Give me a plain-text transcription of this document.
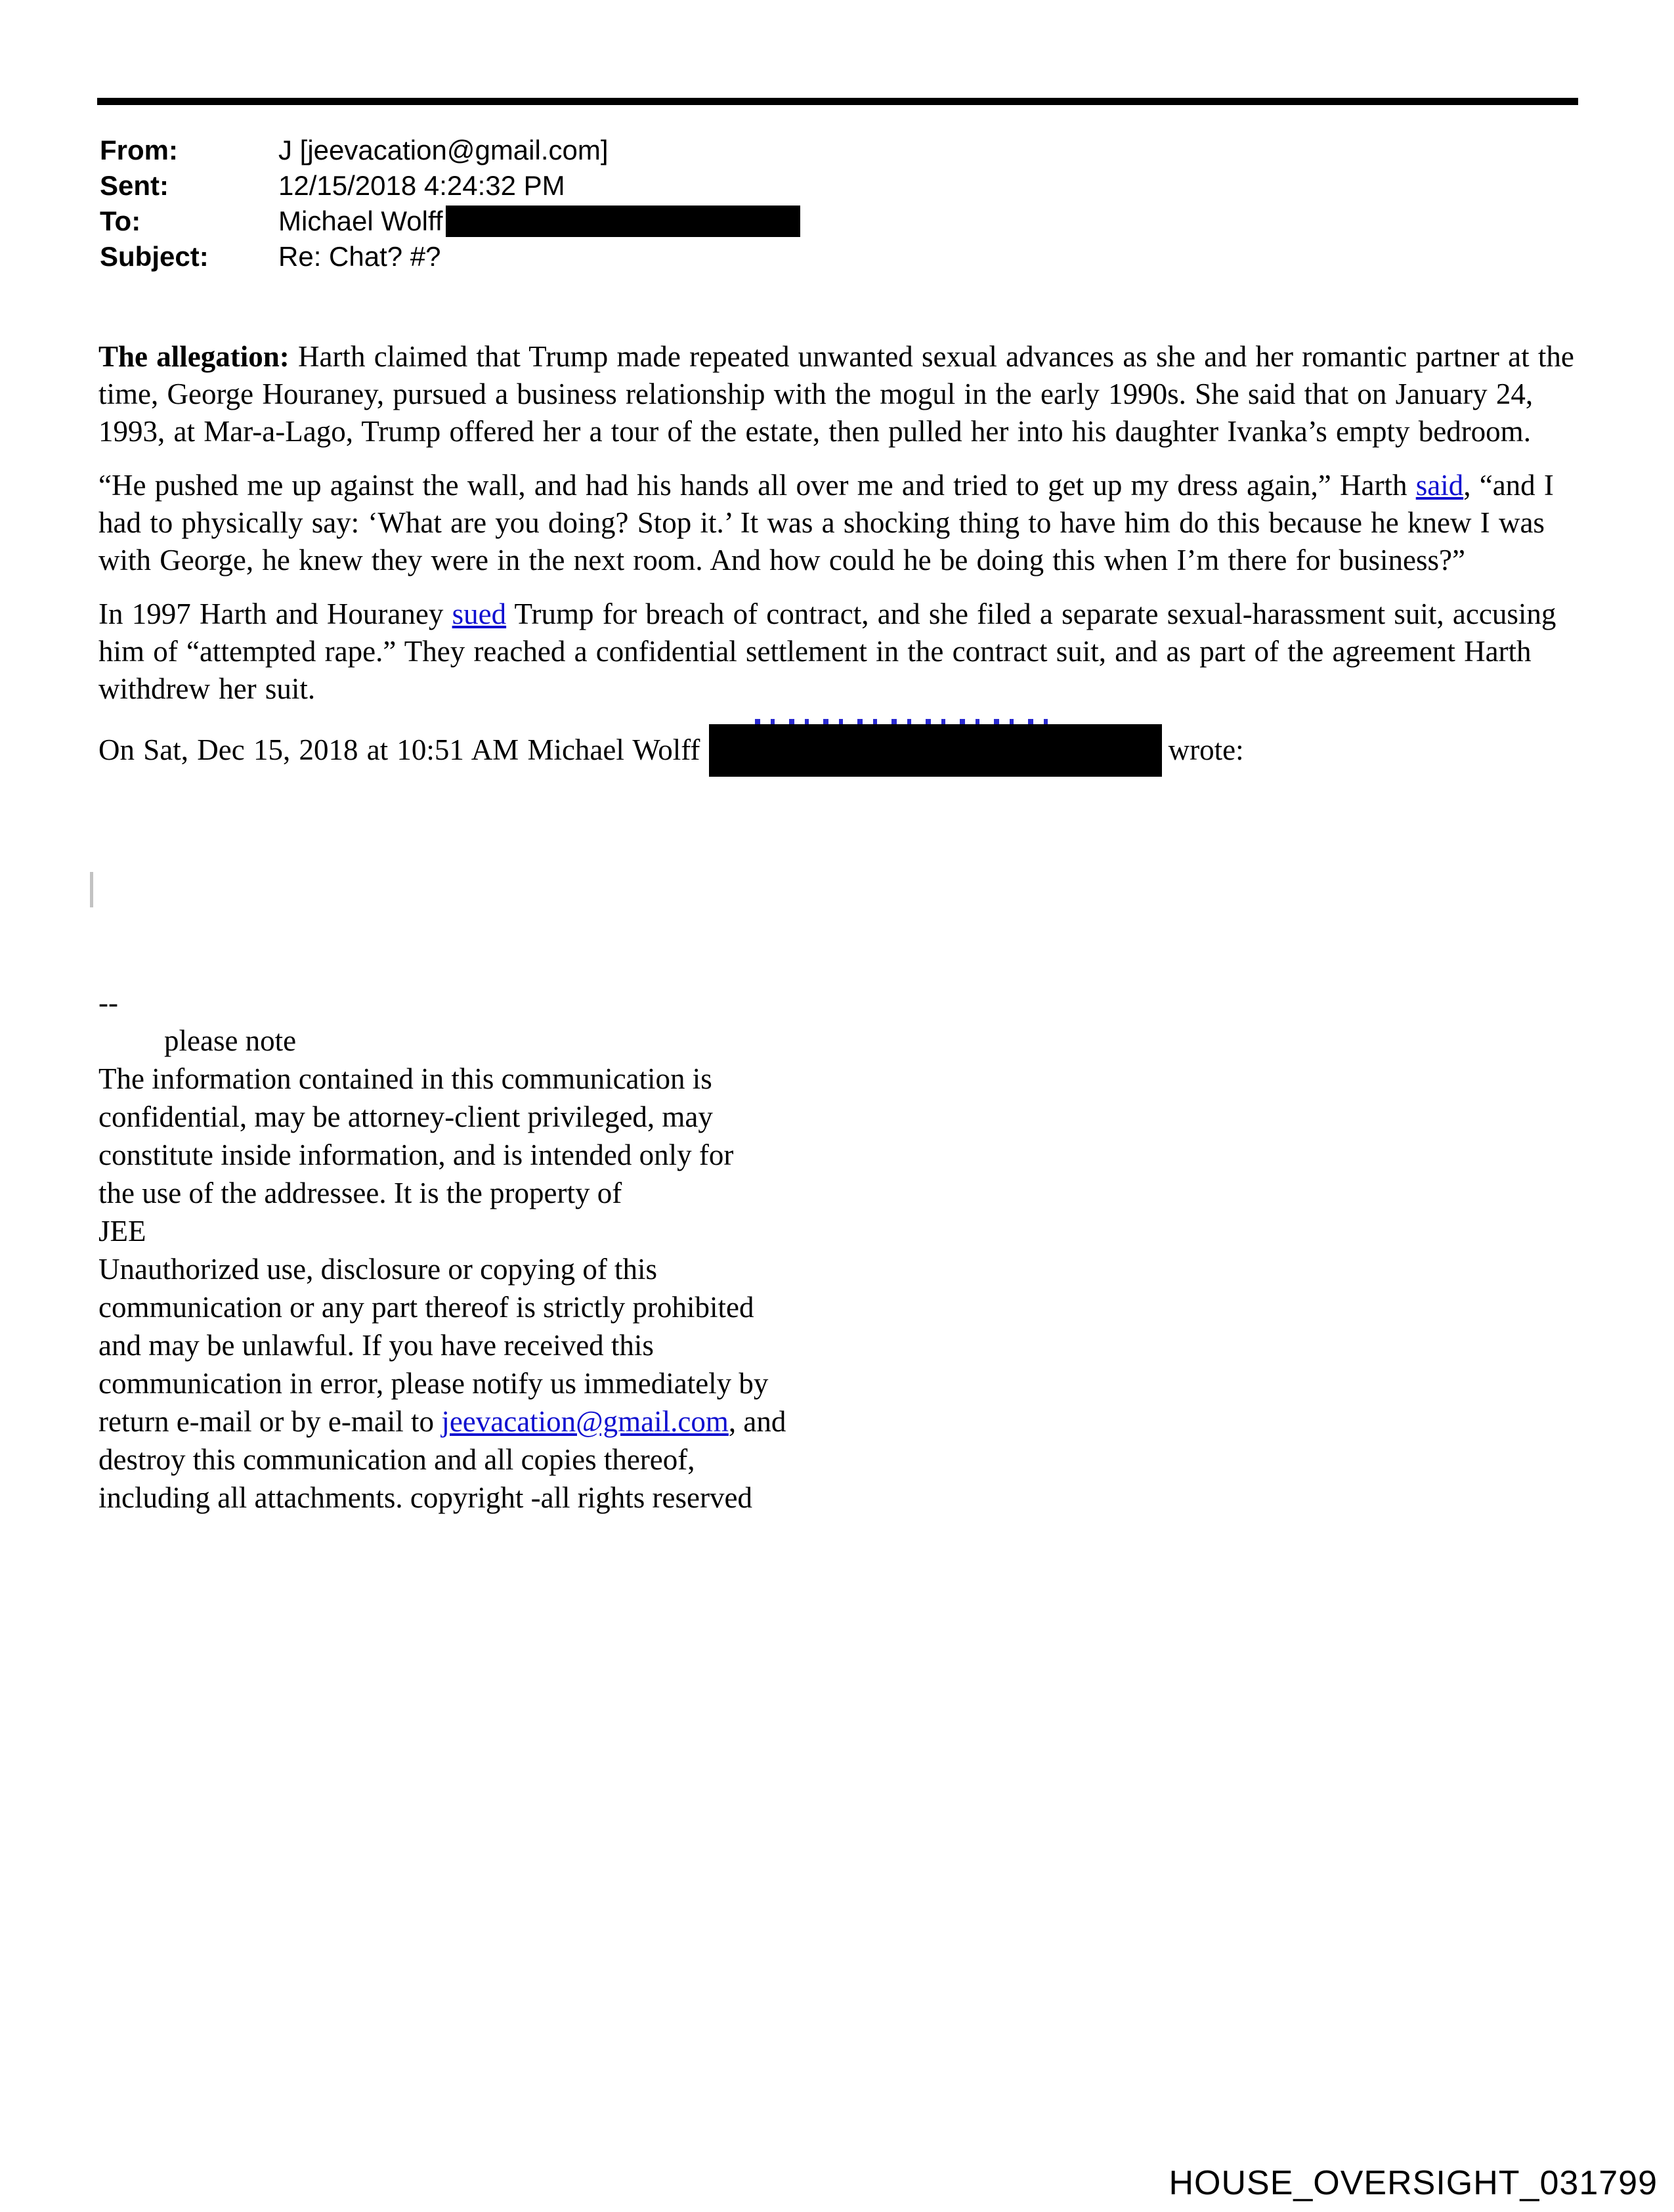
From:	J [jeevacation@gmail.com]
Sent:	12/15/2018 4:24:32 PM
To:	Michael Wolff
Subject:	Re: Chat? #?

The allegation: Harth claimed that Trump made repeated unwanted sexual advances as she and her romantic partner at the time, George Houraney, pursued a business relationship with the mogul in the early 1990s. She said that on January 24, 1993, at Mar-a-Lago, Trump offered her a tour of the estate, then pulled her into his daughter Ivanka’s empty bedroom.

“He pushed me up against the wall, and had his hands all over me and tried to get up my dress again,” Harth said, “and I had to physically say: ‘What are you doing? Stop it.’ It was a shocking thing to have him do this because he knew I was with George, he knew they were in the next room. And how could he be doing this when I’m there for business?”

In 1997 Harth and Houraney sued Trump for breach of contract, and she filed a separate sexual-harassment suit, accusing him of “attempted rape.” They reached a confidential settlement in the contract suit, and as part of the agreement Harth withdrew her suit.

On Sat, Dec 15, 2018 at 10:51 AM Michael Wolff	wrote:

--
please note
The information contained in this communication is
confidential, may be attorney-client privileged, may
constitute inside information, and is intended only for
the use of the addressee. It is the property of
JEE
Unauthorized use, disclosure or copying of this
communication or any part thereof is strictly prohibited
and may be unlawful. If you have received this
communication in error, please notify us immediately by
return e-mail or by e-mail to jeevacation@gmail.com, and
destroy this communication and all copies thereof,
including all attachments. copyright -all rights reserved
HOUSE_OVERSIGHT_031799
